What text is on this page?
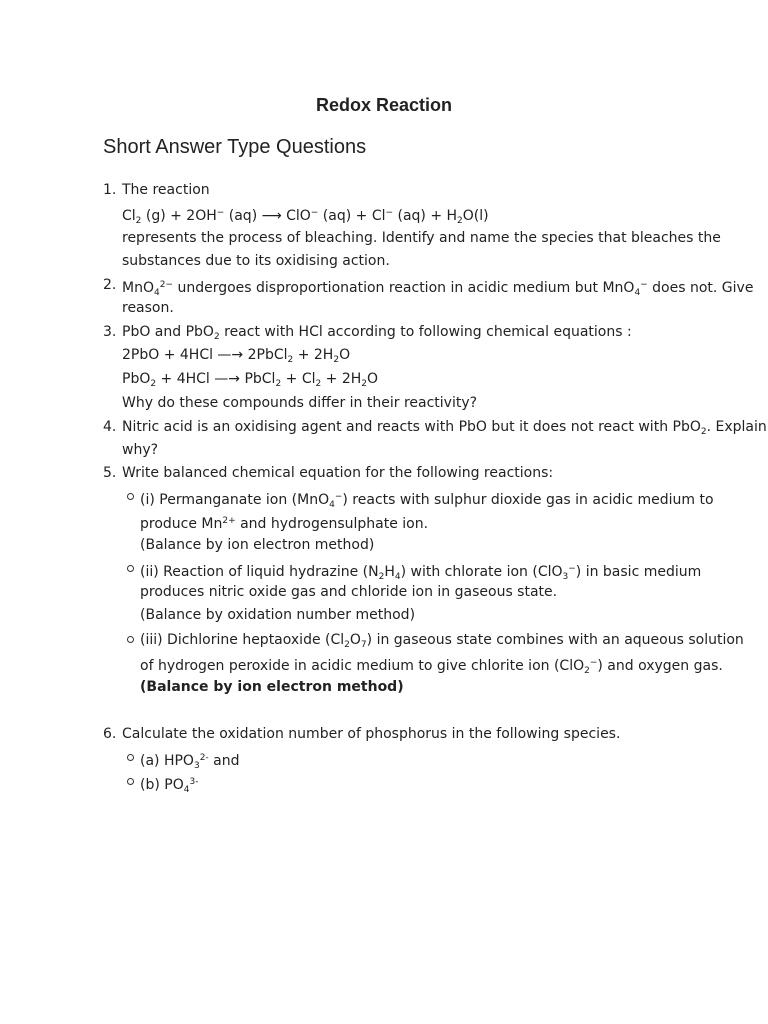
Redox Reaction
Short Answer Type Questions
1. The reaction
$Cl_2$ (g) + 2OH− (aq) ⟶ ClO− (aq) + Cl− $(aq) + H_2O(l)$
represents the process of bleaching. Identify and name the species that bleaches the
substances due to its oxidising action.
2. MnO$_4^{2-}$ undergoes disproportionation reaction in acidic medium but MnO$_4$− does not. Give
reason.
3. PbO and PbO$_2$ react with HCl according to following chemical equations :
2PbO + 4HCl —→ 2PbCl$_2$ + $2H_2O$
PbO$_2$ + 4HCl —→ PbCl$_2$ + $Cl_2 + 2H_2O$
Why do these compounds differ in their reactivity?
4. Nitric acid is an oxidising agent and reacts with PbO but it does not react with PbO$_2$. Explain
why?
5. Write balanced chemical equation for the following reactions:
(i) Permanganate ion (MnO$_4$−) reacts with sulphur dioxide gas in acidic medium to
produce $Mn^{2+}$ and hydrogensulphate ion.
(Balance by ion electron method)
(ii) Reaction of liquid hydrazine $(N_2H_4)$ with chlorate ion (ClO$_3$−) in basic medium
produces nitric oxide gas and chloride ion in gaseous state.
(Balance by oxidation number method)
(iii) Dichlorine heptaoxide $(Cl_2O_7)$ in gaseous state combines with an aqueous solution
of hydrogen peroxide in acidic medium to give chlorite ion (ClO$_2$−) and oxygen gas.
(Balance by ion electron method)
6. Calculate the oxidation number of phosphorus in the following species.
(a) $HPO_3^{2-}$ and
(b) $PO_4^{3-}$
